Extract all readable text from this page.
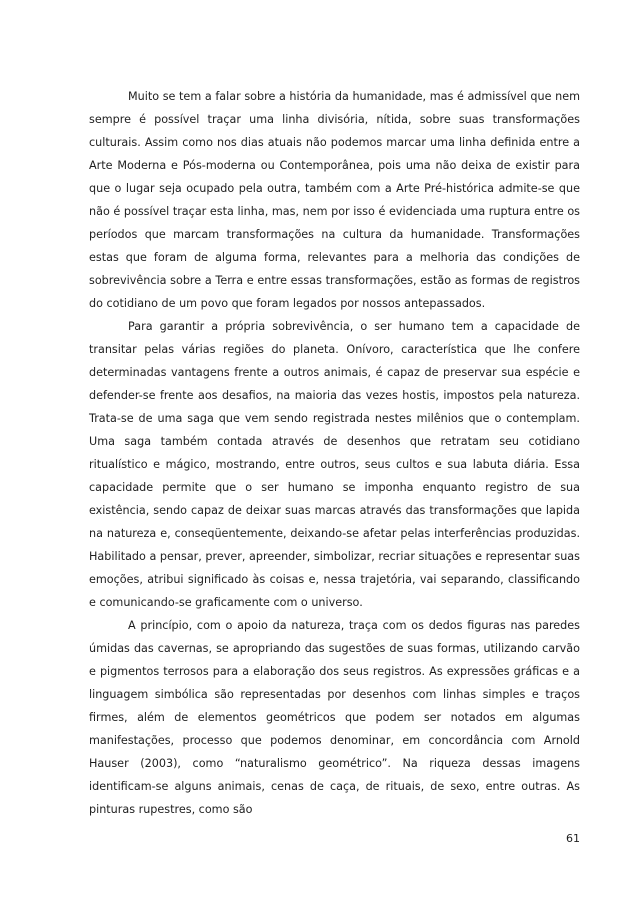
Muito se tem a falar sobre a história da humanidade, mas é admissível que nem sempre é possível traçar uma linha divisória, nítida, sobre suas transformações culturais. Assim como nos dias atuais não podemos marcar uma linha definida entre a Arte Moderna e Pós-moderna ou Contemporânea, pois uma não deixa de existir para que o lugar seja ocupado pela outra, também com a Arte Pré-histórica admite-se que não é possível traçar esta linha, mas, nem por isso é evidenciada uma ruptura entre os períodos que marcam transformações na cultura da humanidade. Transformações estas que foram de alguma forma, relevantes para a melhoria das condições de sobrevivência sobre a Terra e entre essas transformações, estão as formas de registros do cotidiano de um povo que foram legados por nossos antepassados.

Para garantir a própria sobrevivência, o ser humano tem a capacidade de transitar pelas várias regiões do planeta. Onívoro, característica que lhe confere determinadas vantagens frente a outros animais, é capaz de preservar sua espécie e defender-se frente aos desafios, na maioria das vezes hostis, impostos pela natureza. Trata-se de uma saga que vem sendo registrada nestes milênios que o contemplam. Uma saga também contada através de desenhos que retratam seu cotidiano ritualístico e mágico, mostrando, entre outros, seus cultos e sua labuta diária. Essa capacidade permite que o ser humano se imponha enquanto registro de sua existência, sendo capaz de deixar suas marcas através das transformações que lapida na natureza e, conseqüentemente, deixando-se afetar pelas interferências produzidas. Habilitado a pensar, prever, apreender, simbolizar, recriar situações e representar suas emoções, atribui significado às coisas e, nessa trajetória, vai separando, classificando e comunicando-se graficamente com o universo.

A princípio, com o apoio da natureza, traça com os dedos figuras nas paredes úmidas das cavernas, se apropriando das sugestões de suas formas, utilizando carvão e pigmentos terrosos para a elaboração dos seus registros. As expressões gráficas e a linguagem simbólica são representadas por desenhos com linhas simples e traços firmes, além de elementos geométricos que podem ser notados em algumas manifestações, processo que podemos denominar, em concordância com Arnold Hauser (2003), como “naturalismo geométrico”. Na riqueza dessas imagens identificam-se alguns animais, cenas de caça, de rituais, de sexo, entre outras. As pinturas rupestres, como são

61
